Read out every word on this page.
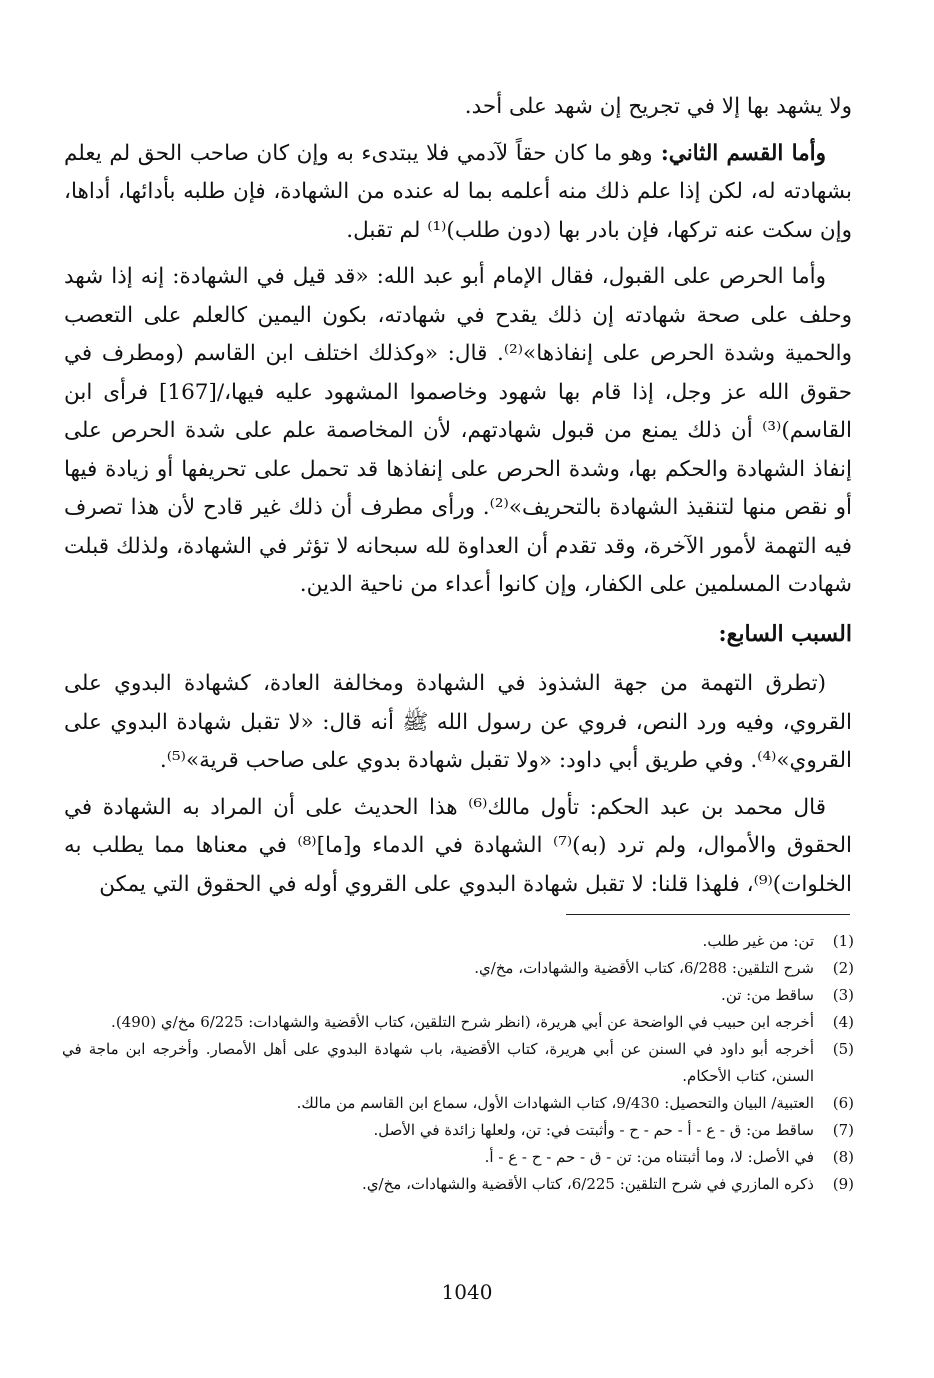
ولا يشهد بها إلا في تجريح إن شهد على أحد.

وأما القسم الثاني: وهو ما كان حقاً لآدمي فلا يبتدىء به وإن كان صاحب الحق لم يعلم بشهادته له، لكن إذا علم ذلك منه أعلمه بما له عنده من الشهادة، فإن طلبه بأدائها، أداها، وإن سكت عنه تركها، فإن بادر بها (دون طلب)⁽¹⁾ لم تقبل.

وأما الحرص على القبول، فقال الإمام أبو عبد الله: «قد قيل في الشهادة: إنه إذا شهد وحلف على صحة شهادته إن ذلك يقدح في شهادته، بكون اليمين كالعلم على التعصب والحمية وشدة الحرص على إنفاذها»⁽²⁾. قال: «وكذلك اختلف ابن القاسم (ومطرف في حقوق الله عز وجل، إذا قام بها شهود وخاصموا المشهود عليه فيها،/[167] فرأى ابن القاسم)⁽³⁾ أن ذلك يمنع من قبول شهادتهم، لأن المخاصمة علم على شدة الحرص على إنفاذ الشهادة والحكم بها، وشدة الحرص على إنفاذها قد تحمل على تحريفها أو زيادة فيها أو نقص منها لتنقيذ الشهادة بالتحريف»⁽²⁾. ورأى مطرف أن ذلك غير قادح لأن هذا تصرف فيه التهمة لأمور الآخرة، وقد تقدم أن العداوة لله سبحانه لا تؤثر في الشهادة، ولذلك قبلت شهادت المسلمين على الكفار، وإن كانوا أعداء من ناحية الدين.

السبب السابع:

(تطرق التهمة من جهة الشذوذ في الشهادة ومخالفة العادة، كشهادة البدوي على القروي، وفيه ورد النص، فروي عن رسول الله ﷺ أنه قال: «لا تقبل شهادة البدوي على القروي»⁽⁴⁾. وفي طريق أبي داود: «ولا تقبل شهادة بدوي على صاحب قرية»⁽⁵⁾.

قال محمد بن عبد الحكم: تأول مالك⁽⁶⁾ هذا الحديث على أن المراد به الشهادة في الحقوق والأموال، ولم ترد (به)⁽⁷⁾ الشهادة في الدماء و[ما]⁽⁸⁾ في معناها مما يطلب به الخلوات)⁽⁹⁾، فلهذا قلنا: لا تقبل شهادة البدوي على القروي أوله في الحقوق التي يمكن

(1)
تن: من غير طلب.
(2)
شرح التلقين: 6/288، كتاب الأقضية والشهادات، مخ/ي.
(3)
ساقط من: تن.
(4)
أخرجه ابن حبيب في الواضحة عن أبي هريرة، (انظر شرح التلقين، كتاب الأقضية والشهادات: 6/225 مخ/ي (490).
(5)
أخرجه أبو داود في السنن عن أبي هريرة، كتاب الأقضية، باب شهادة البدوي على أهل الأمصار. وأخرجه ابن ماجة في السنن، كتاب الأحكام.
(6)
العتبية/ البيان والتحصيل: 9/430، كتاب الشهادات الأول، سماع ابن القاسم من مالك.
(7)
ساقط من: ق - ع - أ - حم - ح - وأثبتت في: تن، ولعلها زائدة في الأصل.
(8)
في الأصل: لا، وما أثبتناه من: تن - ق - حم - ح - ع - أ.
(9)
ذكره المازري في شرح التلقين: 6/225، كتاب الأقضية والشهادات، مخ/ي.
1040
